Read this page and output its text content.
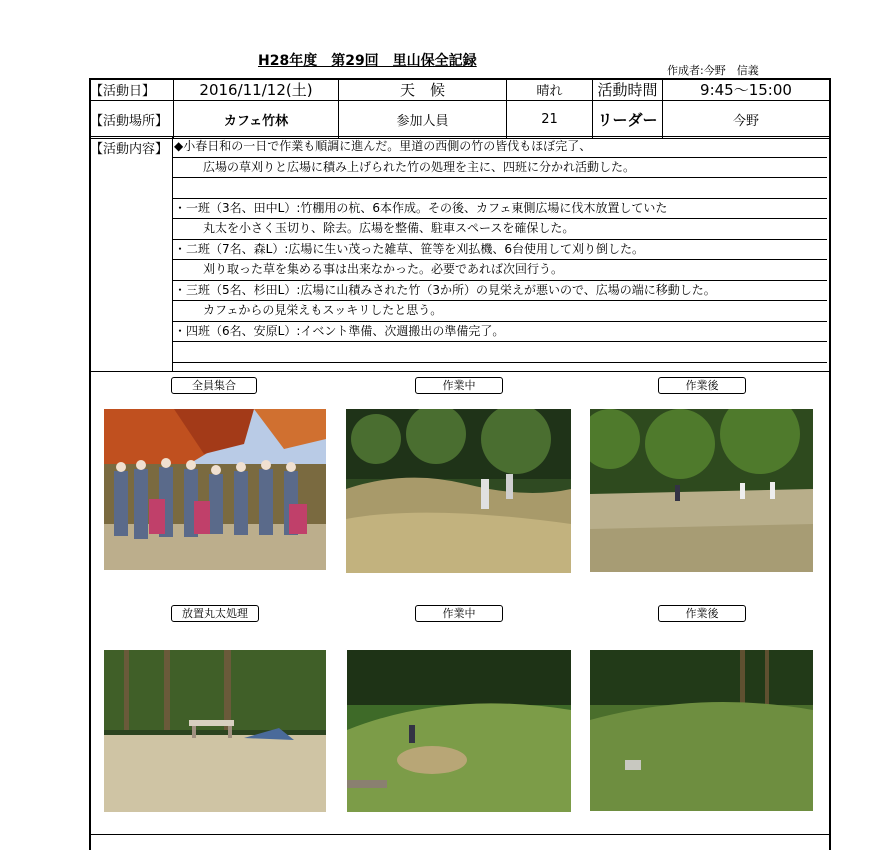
H28年度　第29回　里山保全記録
作成者:今野　信義
【活動日】	2016/11/12(土)	天　候	晴れ	活動時間	9:45～15:00
【活動場所】	カフェ竹林	参加人員	21	リーダー	今野
【活動内容】 ◆小春日和の一日で作業も順調に進んだ。里道の西側の竹の皆伐もほぼ完了、
広場の草刈りと広場に積み上げられた竹の処理を主に、四班に分かれ活動した。
・一班（3名、田中L）:竹棚用の杭、6本作成。その後、カフェ東側広場に伐木放置していた
丸太を小さく玉切り、除去。広場を整備、駐車スペースを確保した。
・二班（7名、森L）:広場に生い茂った雑草、笹等を刈払機、6台使用して刈り倒した。
刈り取った草を集める事は出来なかった。必要であれば次回行う。
・三班（5名、杉田L）:広場に山積みされた竹（3か所）の見栄えが悪いので、広場の端に移動した。
カフェからの見栄えもスッキリしたと思う。
・四班（6名、安原L）:イベント準備、次週搬出の準備完了。
全員集合	作業中	作業後
放置丸太処理	作業中	作業後
